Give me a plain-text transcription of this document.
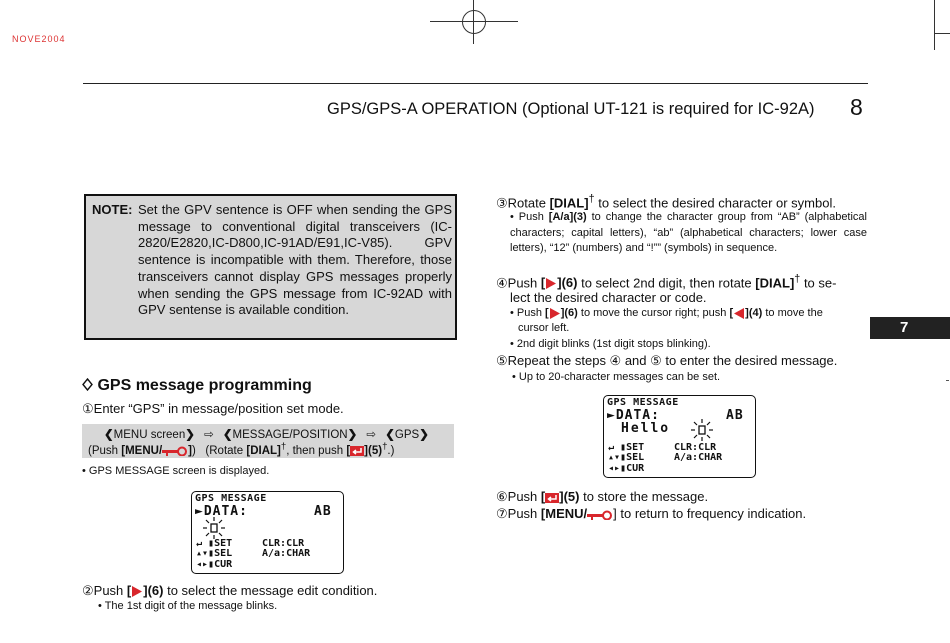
NOVE2004
GPS/GPS-A OPERATION (Optional UT-121 is required for IC-92A) 8
7
NOTE: Set the GPV sentence is OFF when sending the GPS message to conventional digital transceivers (IC-2820/E2820,IC-D800,IC-91AD/E91,IC-V85). GPV sentence is incompatible with them. Therefore, those transceivers cannot display GPS messages properly when sending the GPS message from IC-92AD with GPV sentense is available condition.
GPS message programming
①Enter “GPS” in message/position set mode.
❮MENU screen❯ ⇨ ❮MESSAGE/POSITION❯ ⇨ ❮GPS❯
(Push [MENU/ ])   (Rotate [DIAL]†, then push [ ](5)†.)
• GPS MESSAGE screen is displayed.
GPS MESSAGE
►DATA:	AB
↵ ▮SET	CLR:CLR
▴▾▮SEL	A/a:CHAR
◂▸▮CUR
②Push [ ](6) to select the message edit condition.
• The 1st digit of the message blinks.
③Rotate [DIAL]† to select the desired character or symbol.
• Push [A/a](3) to change the character group from “AB” (alphabetical characters; capital letters), “ab” (alphabetical characters; lower case letters), “12” (numbers) and “!”” (symbols) in sequence.
④Push [ ](6) to select 2nd digit, then rotate [DIAL]† to se-
lect the desired character or code.
• Push [ ](6) to move the cursor right; push [ ](4) to move the
cursor left.
• 2nd digit blinks (1st digit stops blinking).
⑤Repeat the steps ④ and ⑤ to enter the desired message.
• Up to 20-character messages can be set.
GPS MESSAGE
►DATA:	AB
Hello
↵ ▮SET	CLR:CLR
▴▾▮SEL	A/a:CHAR
◂▸▮CUR
⑥Push [ ](5) to store the message.
⑦Push [MENU/ ] to return to frequency indication.
